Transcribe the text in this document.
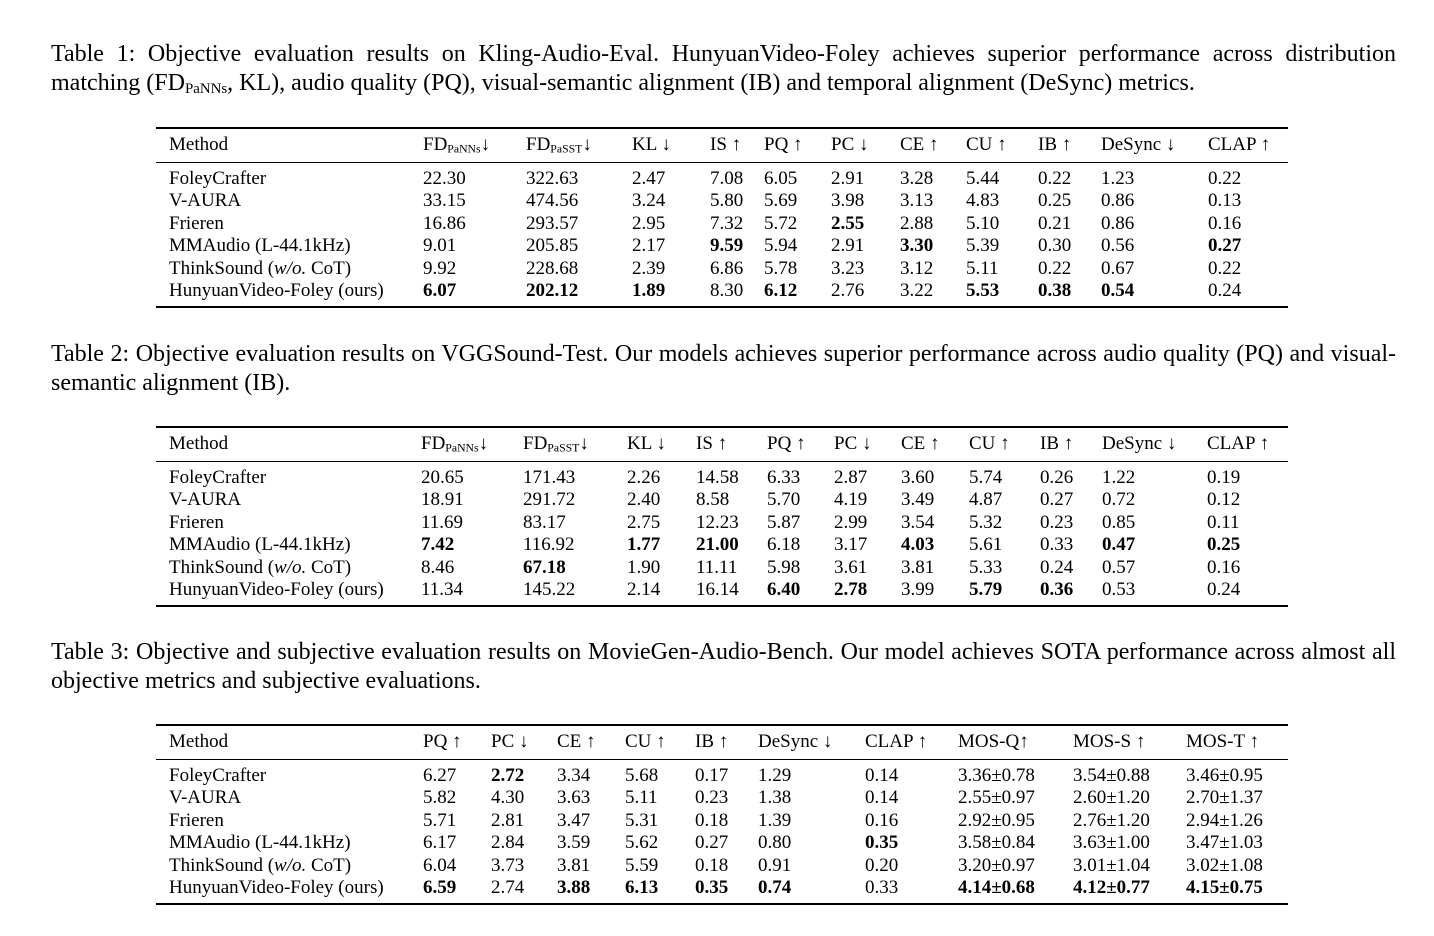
Table 1: Objective evaluation results on Kling-Audio-Eval. HunyuanVideo-Foley achieves superior performance across distribution matching ($FD_{PaNNs}$, KL), audio quality (PQ), visual-semantic alignment (IB) and temporal alignment (DeSync) metrics.
Method	$FD_{PaNNs}↓$	$FD_{PaSST}↓$	KL ↓	IS ↑	PQ ↑	PC ↓	CE ↑	CU ↑	IB ↑	DeSync ↓	CLAP ↑
FoleyCrafter	22.30	322.63	2.47	7.08	6.05	2.91	3.28	5.44	0.22	1.23	0.22
V-AURA	33.15	474.56	3.24	5.80	5.69	3.98	3.13	4.83	0.25	0.86	0.13
Frieren	16.86	293.57	2.95	7.32	5.72	2.55	2.88	5.10	0.21	0.86	0.16
MMAudio (L-44.1kHz)	9.01	205.85	2.17	9.59	5.94	2.91	3.30	5.39	0.30	0.56	0.27
ThinkSound (w/o. CoT)	9.92	228.68	2.39	6.86	5.78	3.23	3.12	5.11	0.22	0.67	0.22
HunyuanVideo-Foley (ours)	6.07	202.12	1.89	8.30	6.12	2.76	3.22	5.53	0.38	0.54	0.24
Table 2: Objective evaluation results on VGGSound-Test. Our models achieves superior performance across audio quality (PQ) and visual-semantic alignment (IB).
Method	$FD_{PaNNs}↓$	$FD_{PaSST}↓$	KL ↓	IS ↑	PQ ↑	PC ↓	CE ↑	CU ↑	IB ↑	DeSync ↓	CLAP ↑
FoleyCrafter	20.65	171.43	2.26	14.58	6.33	2.87	3.60	5.74	0.26	1.22	0.19
V-AURA	18.91	291.72	2.40	8.58	5.70	4.19	3.49	4.87	0.27	0.72	0.12
Frieren	11.69	83.17	2.75	12.23	5.87	2.99	3.54	5.32	0.23	0.85	0.11
MMAudio (L-44.1kHz)	7.42	116.92	1.77	21.00	6.18	3.17	4.03	5.61	0.33	0.47	0.25
ThinkSound (w/o. CoT)	8.46	67.18	1.90	11.11	5.98	3.61	3.81	5.33	0.24	0.57	0.16
HunyuanVideo-Foley (ours)	11.34	145.22	2.14	16.14	6.40	2.78	3.99	5.79	0.36	0.53	0.24
Table 3: Objective and subjective evaluation results on MovieGen-Audio-Bench. Our model achieves SOTA performance across almost all objective metrics and subjective evaluations.
Method	PQ ↑	PC ↓	CE ↑	CU ↑	IB ↑	DeSync ↓	CLAP ↑	MOS-Q↑	MOS-S ↑	MOS-T ↑
FoleyCrafter	6.27	2.72	3.34	5.68	0.17	1.29	0.14	3.36±0.78	3.54±0.88	3.46±0.95
V-AURA	5.82	4.30	3.63	5.11	0.23	1.38	0.14	2.55±0.97	2.60±1.20	2.70±1.37
Frieren	5.71	2.81	3.47	5.31	0.18	1.39	0.16	2.92±0.95	2.76±1.20	2.94±1.26
MMAudio (L-44.1kHz)	6.17	2.84	3.59	5.62	0.27	0.80	0.35	3.58±0.84	3.63±1.00	3.47±1.03
ThinkSound (w/o. CoT)	6.04	3.73	3.81	5.59	0.18	0.91	0.20	3.20±0.97	3.01±1.04	3.02±1.08
HunyuanVideo-Foley (ours)	6.59	2.74	3.88	6.13	0.35	0.74	0.33	4.14±0.68	4.12±0.77	4.15±0.75
